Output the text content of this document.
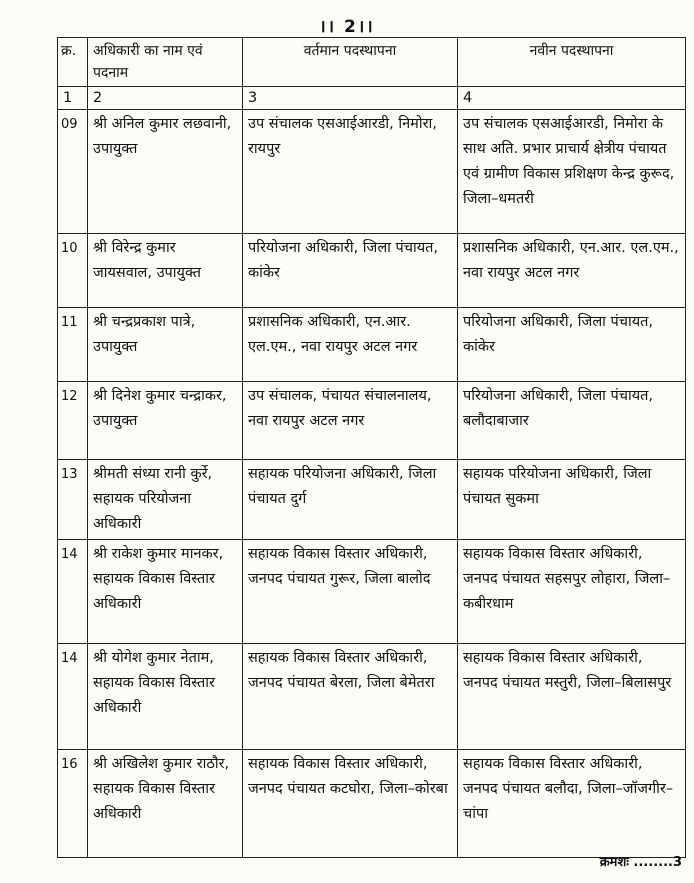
।। 2।।
क्र.	अधिकारी का नाम एवं पदनाम	वर्तमान पदस्थापना	नवीन पदस्थापना
1	2	3	4
09	श्री अनिल कुमार लछवानी, उपायुक्त	उप संचालक एसआईआरडी, निमोरा, रायपुर	उप संचालक एसआईआरडी, निमोरा के साथ अति. प्रभार प्राचार्य क्षेत्रीय पंचायत एवं ग्रामीण विकास प्रशिक्षण केन्द्र कुरूद, जिला–धमतरी
10	श्री विरेन्द्र कुमार जायसवाल, उपायुक्त	परियोजना अधिकारी, जिला पंचायत, कांकेर	प्रशासनिक अधिकारी, एन.आर. एल.एम., नवा रायपुर अटल नगर
11	श्री चन्द्रप्रकाश पात्रे, उपायुक्त	प्रशासनिक अधिकारी, एन.आर. एल.एम., नवा रायपुर अटल नगर	परियोजना अधिकारी, जिला पंचायत, कांकेर
12	श्री दिनेश कुमार चन्द्राकर, उपायुक्त	उप संचालक, पंचायत संचालनालय, नवा रायपुर अटल नगर	परियोजना अधिकारी, जिला पंचायत, बलौदाबाजार
13	श्रीमती संध्या रानी कुर्रे, सहायक परियोजना अधिकारी	सहायक परियोजना अधिकारी, जिला पंचायत दुर्ग	सहायक परियोजना अधिकारी, जिला पंचायत सुकमा
14	श्री राकेश कुमार मानकर, सहायक विकास विस्तार अधिकारी	सहायक विकास विस्तार अधिकारी, जनपद पंचायत गुरूर, जिला बालोद	सहायक विकास विस्तार अधिकारी, जनपद पंचायत सहसपुर लोहारा, जिला–कबीरधाम
14	श्री योगेश कुमार नेताम, सहायक विकास विस्तार अधिकारी	सहायक विकास विस्तार अधिकारी, जनपद पंचायत बेरला, जिला बेमेतरा	सहायक विकास विस्तार अधिकारी, जनपद पंचायत मस्तुरी, जिला–बिलासपुर
16	श्री अखिलेश कुमार राठौर, सहायक विकास विस्तार अधिकारी	सहायक विकास विस्तार अधिकारी, जनपद पंचायत कटघोरा, जिला–कोरबा	सहायक विकास विस्तार अधिकारी, जनपद पंचायत बलौदा, जिला–जॉजगीर–चांपा
क्रमशः ........3
